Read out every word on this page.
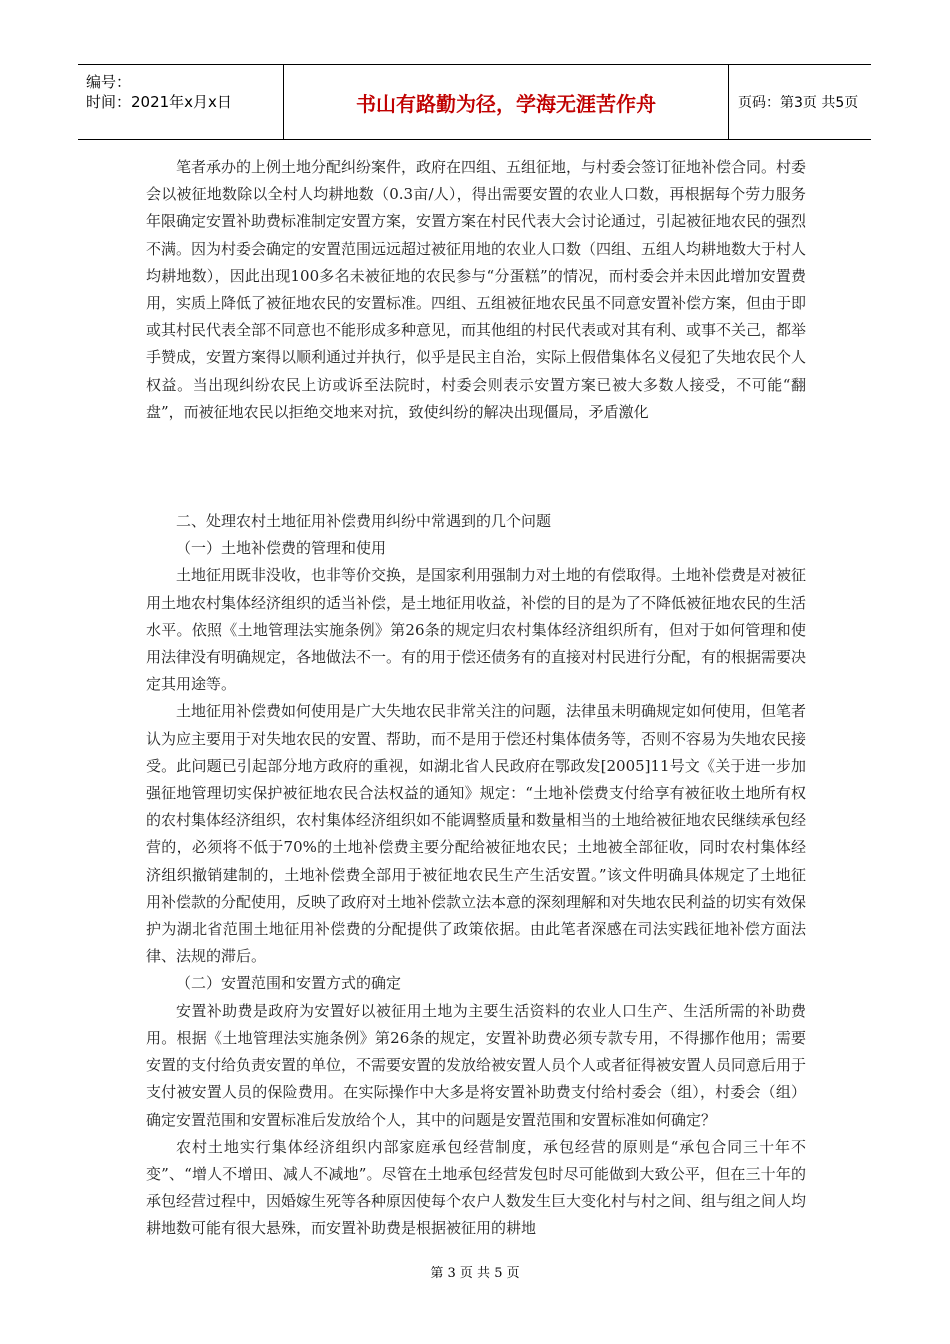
编号：
时间：2021年x月x日	书山有路勤为径，学海无涯苦作舟	页码：第3页 共5页

笔者承办的上例土地分配纠纷案件，政府在四组、五组征地，与村委会签订征地补偿合同。村委会以被征地数除以全村人均耕地数（0.3亩/人），得出需要安置的农业人口数，再根据每个劳力服务年限确定安置补助费标准制定安置方案，安置方案在村民代表大会讨论通过，引起被征地农民的强烈不满。因为村委会确定的安置范围远远超过被征用地的农业人口数（四组、五组人均耕地数大于村人均耕地数），因此出现100多名未被征地的农民参与“分蛋糕”的情况，而村委会并未因此增加安置费用，实质上降低了被征地农民的安置标准。四组、五组被征地农民虽不同意安置补偿方案，但由于即或其村民代表全部不同意也不能形成多种意见，而其他组的村民代表或对其有利、或事不关己，都举手赞成，安置方案得以顺利通过并执行，似乎是民主自治，实际上假借集体名义侵犯了失地农民个人权益。当出现纠纷农民上访或诉至法院时，村委会则表示安置方案已被大多数人接受，不可能“翻盘”，而被征地农民以拒绝交地来对抗，致使纠纷的解决出现僵局，矛盾激化

二、处理农村土地征用补偿费用纠纷中常遇到的几个问题

（一）土地补偿费的管理和使用

土地征用既非没收，也非等价交换，是国家利用强制力对土地的有偿取得。土地补偿费是对被征用土地农村集体经济组织的适当补偿，是土地征用收益，补偿的目的是为了不降低被征地农民的生活水平。依照《土地管理法实施条例》第26条的规定归农村集体经济组织所有，但对于如何管理和使用法律没有明确规定，各地做法不一。有的用于偿还债务有的直接对村民进行分配，有的根据需要决定其用途等。

土地征用补偿费如何使用是广大失地农民非常关注的问题，法律虽未明确规定如何使用，但笔者认为应主要用于对失地农民的安置、帮助，而不是用于偿还村集体债务等，否则不容易为失地农民接受。此问题已引起部分地方政府的重视，如湖北省人民政府在鄂政发[2005]11号文《关于进一步加强征地管理切实保护被征地农民合法权益的通知》规定：“土地补偿费支付给享有被征收土地所有权的农村集体经济组织，农村集体经济组织如不能调整质量和数量相当的土地给被征地农民继续承包经营的，必须将不低于70%的土地补偿费主要分配给被征地农民；土地被全部征收，同时农村集体经济组织撤销建制的，土地补偿费全部用于被征地农民生产生活安置。”该文件明确具体规定了土地征用补偿款的分配使用，反映了政府对土地补偿款立法本意的深刻理解和对失地农民利益的切实有效保护为湖北省范围土地征用补偿费的分配提供了政策依据。由此笔者深感在司法实践征地补偿方面法律、法规的滞后。

（二）安置范围和安置方式的确定

安置补助费是政府为安置好以被征用土地为主要生活资料的农业人口生产、生活所需的补助费用。根据《土地管理法实施条例》第26条的规定，安置补助费必须专款专用，不得挪作他用；需要安置的支付给负责安置的单位，不需要安置的发放给被安置人员个人或者征得被安置人员同意后用于支付被安置人员的保险费用。在实际操作中大多是将安置补助费支付给村委会（组），村委会（组）确定安置范围和安置标准后发放给个人，其中的问题是安置范围和安置标准如何确定？

农村土地实行集体经济组织内部家庭承包经营制度，承包经营的原则是“承包合同三十年不变”、“增人不增田、减人不减地”。尽管在土地承包经营发包时尽可能做到大致公平，但在三十年的承包经营过程中，因婚嫁生死等各种原因使每个农户人数发生巨大变化村与村之间、组与组之间人均耕地数可能有很大悬殊，而安置补助费是根据被征用的耕地

第 3 页 共 5 页
